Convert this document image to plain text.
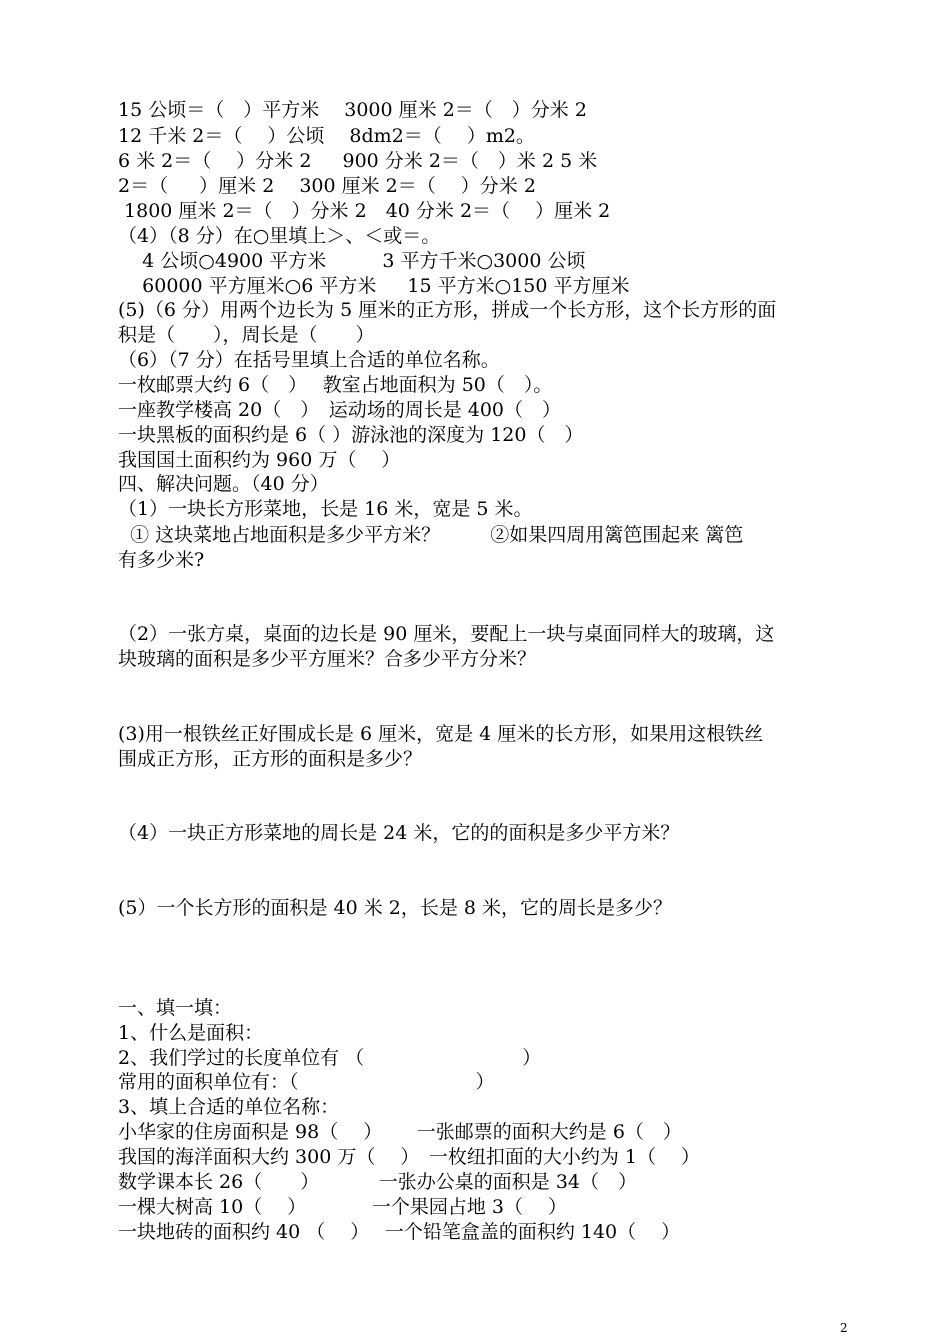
15 公顷＝（　）平方米　 3000 厘米 2＝（　）分米 2
12 千米 2＝（　 ）公顷　 8dm2＝（　 ）m2。
6 米 2＝（　 ）分米 2　  900 分米 2＝（　）米 2 5 米
2＝（　  ）厘米 2　 300 厘米 2＝（　 ）分米 2
1800 厘米 2＝（　）分米 2　40 分米 2＝（　 ）厘米 2
（4）（8 分）在○里填上＞、＜或＝。
4 公顷○4900 平方米 　　  3 平方千米○3000 公顷
60000 平方厘米○6 平方米　  15 平方米○150 平方厘米
(5)（6 分）用两个边长为 5 厘米的正方形，拼成一个长方形，这个长方形的面
积是（　　），周长是（　　）
（6）（7 分）在括号里填上合适的单位名称。
一枚邮票大约 6（　）　 教室占地面积为 50（　）。
一座教学楼高 20（　）　运动场的周长是 400（　）
一块黑板的面积约是 6（ ）游泳池的深度为 120（　）
我国国土面积约为 960 万（　 ）
四、解决问题。（40 分）
（1）一块长方形菜地，长是 16 米，宽是 5 米。
① 这块菜地占地面积是多少平方米？　　  ②如果四周用篱笆围起来 篱笆
有多少米?
（2）一张方桌，桌面的边长是 90 厘米，要配上一块与桌面同样大的玻璃，这
块玻璃的面积是多少平方厘米？合多少平方分米？
(3)用一根铁丝正好围成长是 6 厘米，宽是 4 厘米的长方形，如果用这根铁丝
围成正方形，正方形的面积是多少？
（4）一块正方形菜地的周长是 24 米，它的的面积是多少平方米？
(5）一个长方形的面积是 40 米 2，长是 8 米，它的周长是多少？
一、填一填：
1、什么是面积：
2、我们学过的长度单位有 （　　　　　　　　 ）
常用的面积单位有：（　　　　　　　　　 ）
3、填上合适的单位名称：
小华家的住房面积是 98（　 ）　　 一张邮票的面积大约是 6（　）
我国的海洋面积大约 300 万（　 ）　一枚纽扣面的大小约为 1（　 ）
数学课本长 26（　　）　　　  一张办公桌的面积是 34（　）
一棵大树高 10（　 ）　　　   一个果园占地 3（　 ）
一块地砖的面积约 40 （　 ）　 一个铅笔盒盖的面积约 140（　 ）
2
